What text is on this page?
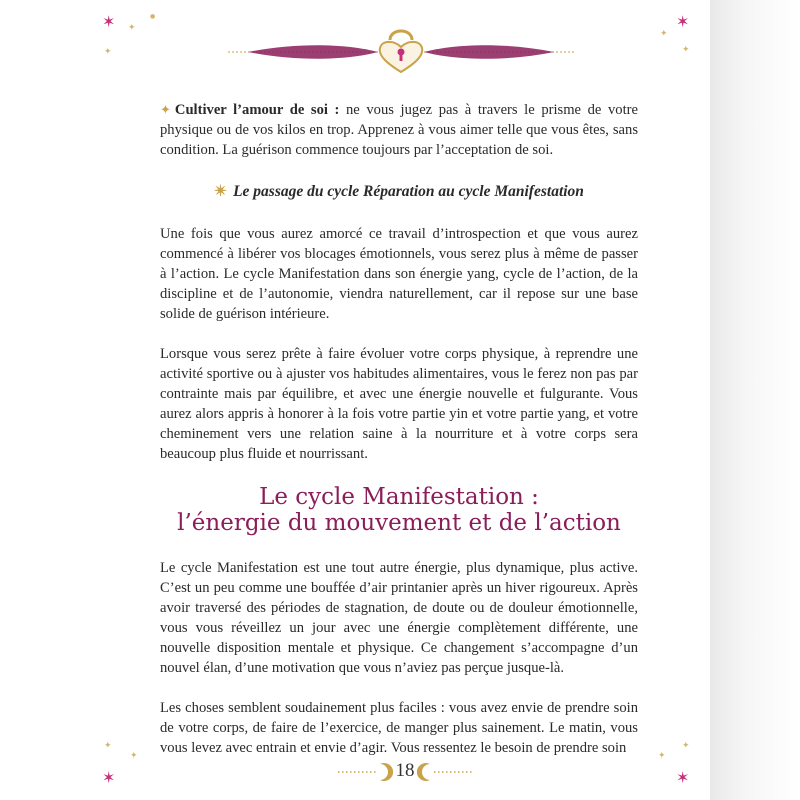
✶ ✦
✦
●	✶
✦
✦
✶
✦
✦
✶
✦
✦

✦ Cultiver l’amour de soi : ne vous jugez pas à travers le prisme de votre physique ou de vos kilos en trop. Apprenez à vous aimer telle que vous êtes, sans condition. La guérison commence toujours par l’acceptation de soi.

✴ Le passage du cycle Réparation au cycle Manifestation

Une fois que vous aurez amorcé ce travail d’introspection et que vous aurez commencé à libérer vos blocages émotionnels, vous serez plus à même de passer à l’action. Le cycle Manifestation dans son énergie yang, cycle de l’action, de la discipline et de l’autonomie, viendra naturellement, car il repose sur une base solide de guérison intérieure.

Lorsque vous serez prête à faire évoluer votre corps physique, à reprendre une activité sportive ou à ajuster vos habitudes alimentaires, vous le ferez non pas par contrainte mais par équilibre, et avec une énergie nouvelle et fulgurante. Vous aurez alors appris à honorer à la fois votre partie yin et votre partie yang, et votre cheminement vers une relation saine à la nourriture et à votre corps sera beaucoup plus fluide et nourrissant.

Le cycle Manifestation :
l’énergie du mouvement et de l’action

Le cycle Manifestation est une tout autre énergie, plus dynamique, plus active. C’est un peu comme une bouffée d’air printanier après un hiver rigoureux. Après avoir traversé des périodes de stagnation, de doute ou de douleur émotionnelle, vous vous réveillez un jour avec une énergie complètement différente, une nouvelle disposition mentale et physique. Ce changement s’accompagne d’un nouvel élan, d’une motivation que vous n’aviez pas perçue jusque-là.

Les choses semblent soudainement plus faciles : vous avez envie de prendre soin de votre corps, de faire de l’exercice, de manger plus sainement. Le matin, vous vous levez avec entrain et envie d’agir. Vous ressentez le besoin de prendre soin

18
